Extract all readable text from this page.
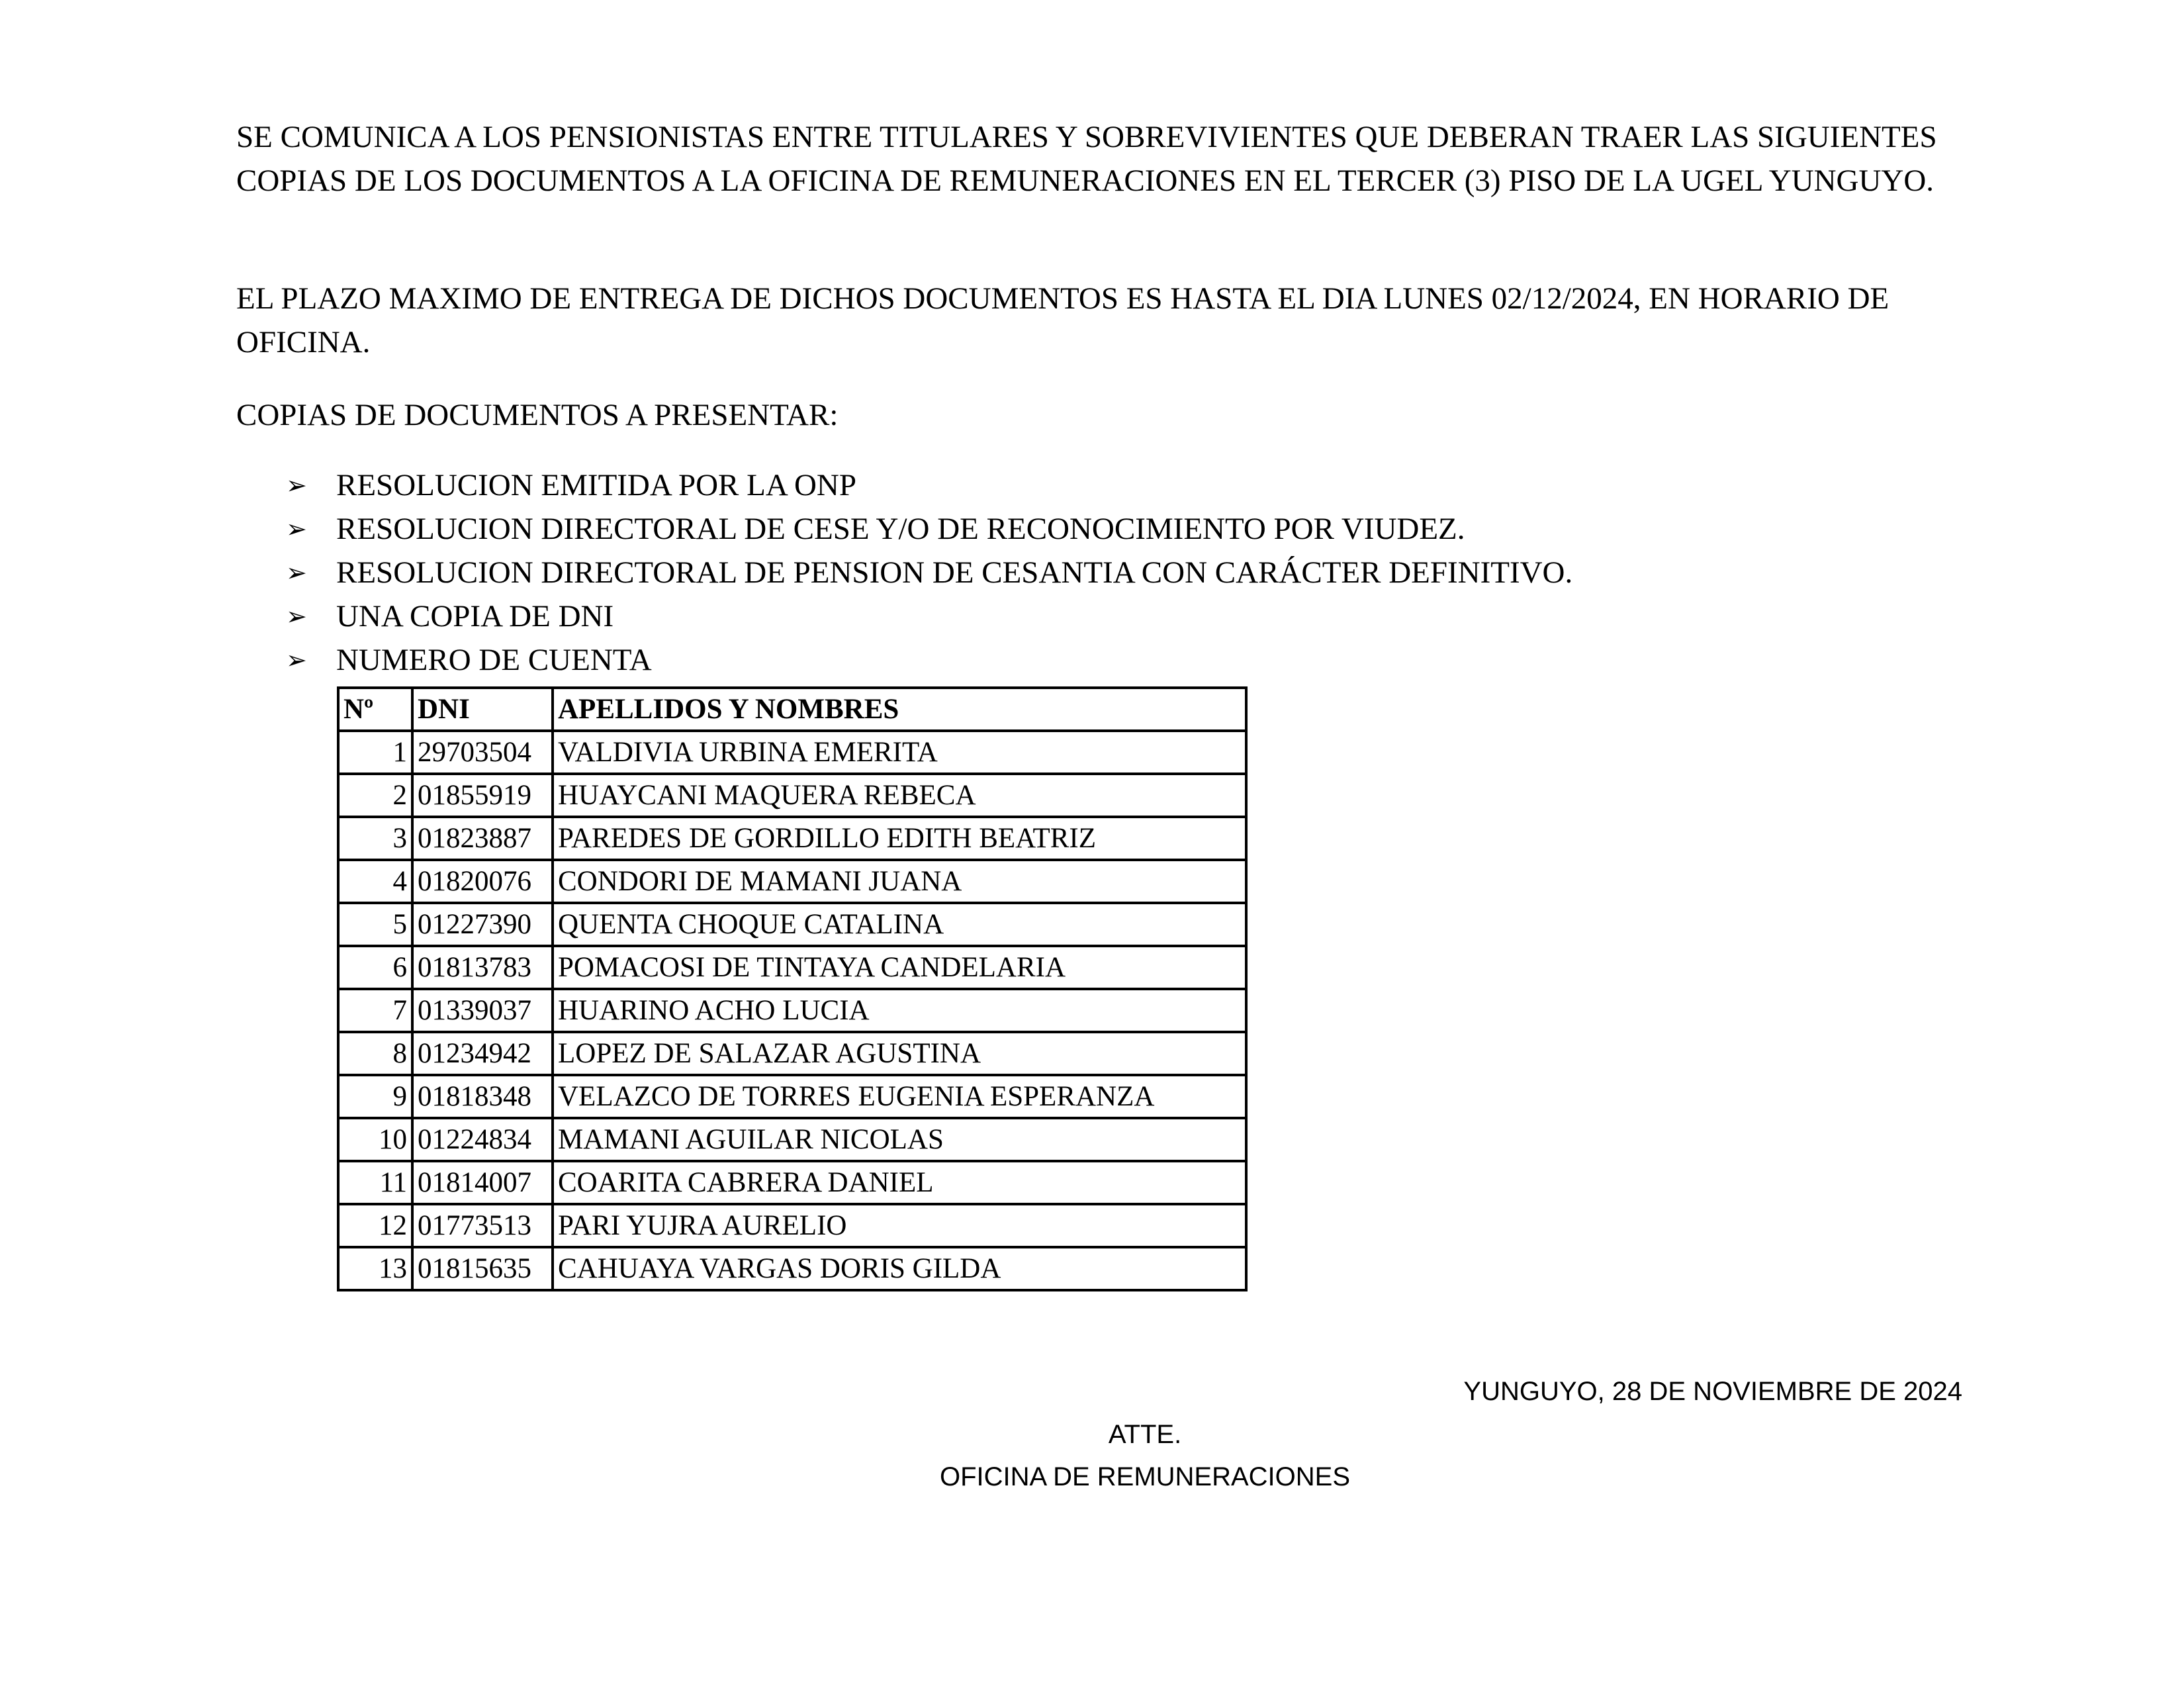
SE COMUNICA A LOS PENSIONISTAS ENTRE TITULARES Y SOBREVIVIENTES QUE DEBERAN TRAER LAS SIGUIENTES COPIAS DE LOS DOCUMENTOS A LA OFICINA DE REMUNERACIONES EN EL TERCER (3) PISO DE LA UGEL YUNGUYO.

EL PLAZO MAXIMO DE ENTREGA DE DICHOS DOCUMENTOS ES HASTA EL DIA LUNES 02/12/2024, EN HORARIO DE OFICINA.

COPIAS DE DOCUMENTOS A PRESENTAR:

➢ RESOLUCION EMITIDA POR LA ONP
➢ RESOLUCION DIRECTORAL DE CESE Y/O DE RECONOCIMIENTO POR VIUDEZ.
➢ RESOLUCION DIRECTORAL DE PENSION DE CESANTIA CON CARÁCTER DEFINITIVO.
➢ UNA COPIA DE DNI
➢ NUMERO DE CUENTA
Nº	DNI	APELLIDOS Y NOMBRES
1	29703504	VALDIVIA URBINA EMERITA
2	01855919	HUAYCANI MAQUERA REBECA
3	01823887	PAREDES DE GORDILLO EDITH BEATRIZ
4	01820076	CONDORI DE MAMANI JUANA
5	01227390	QUENTA CHOQUE CATALINA
6	01813783	POMACOSI DE TINTAYA CANDELARIA
7	01339037	HUARINO ACHO LUCIA
8	01234942	LOPEZ DE SALAZAR AGUSTINA
9	01818348	VELAZCO DE TORRES EUGENIA ESPERANZA
10	01224834	MAMANI AGUILAR NICOLAS
11	01814007	COARITA CABRERA DANIEL
12	01773513	PARI YUJRA AURELIO
13	01815635	CAHUAYA VARGAS DORIS GILDA
YUNGUYO, 28 DE NOVIEMBRE DE 2024
ATTE.
OFICINA DE REMUNERACIONES
